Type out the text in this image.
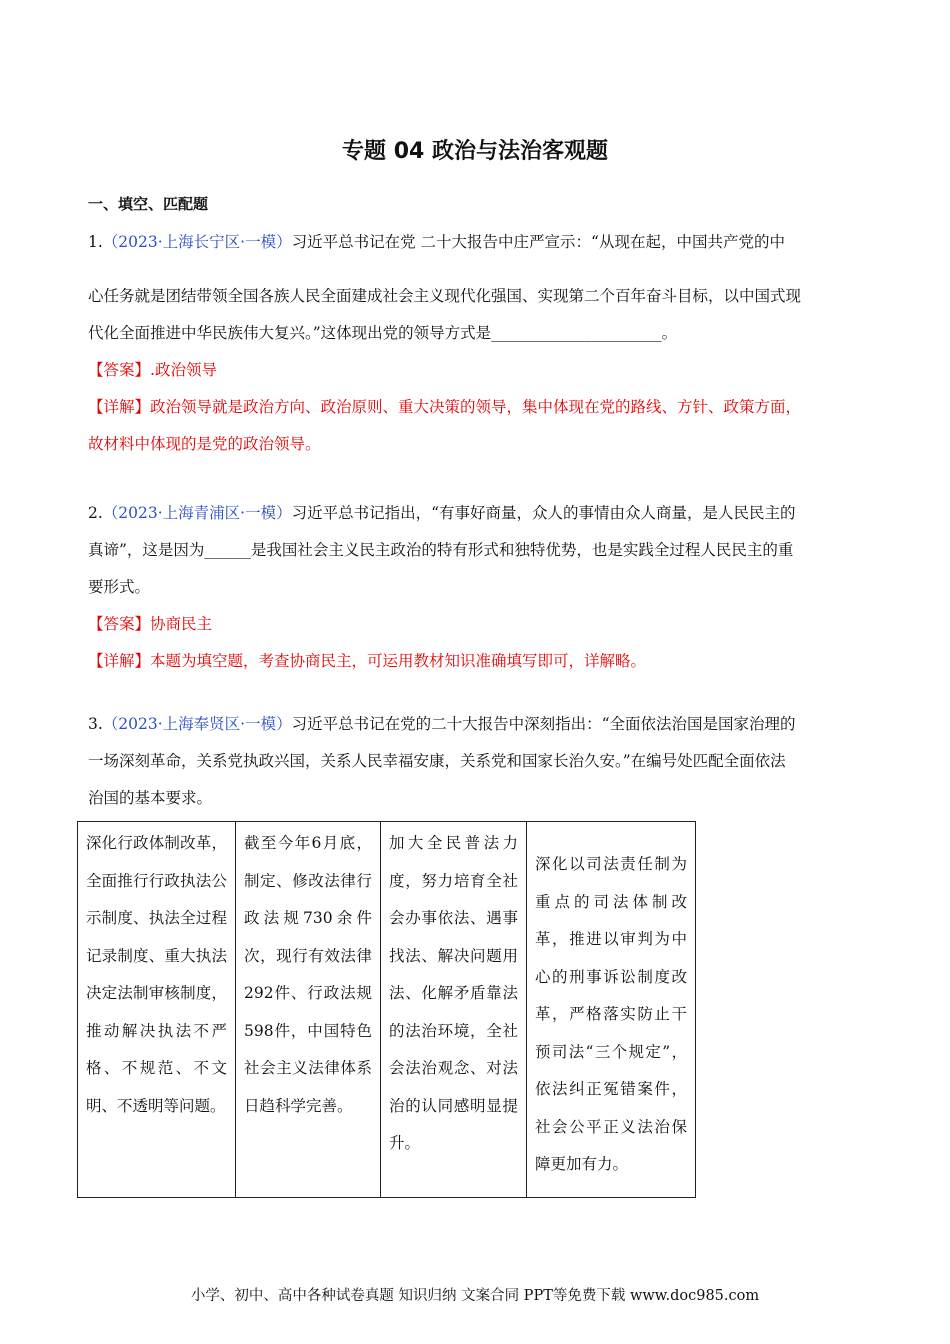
专题 04 政治与法治客观题
一、填空、匹配题
1.（2023·上海长宁区·一模）习近平总书记在党 二十大报告中庄严宣示：“从现在起，中国共产党的中
心任务就是团结带领全国各族人民全面建成社会主义现代化强国、实现第二个百年奋斗目标，以中国式现
代化全面推进中华民族伟大复兴。”这体现出党的领导方式是______________________。
【答案】.政治领导
【详解】政治领导就是政治方向、政治原则、重大决策的领导，集中体现在党的路线、方针、政策方面，
故材料中体现的是党的政治领导。
2.（2023·上海青浦区·一模）习近平总书记指出，“有事好商量，众人的事情由众人商量，是人民民主的
真谛”，这是因为______是我国社会主义民主政治的特有形式和独特优势，也是实践全过程人民民主的重
要形式。
【答案】协商民主
【详解】本题为填空题，考查协商民主，可运用教材知识准确填写即可，详解略。
3.（2023·上海奉贤区·一模）习近平总书记在党的二十大报告中深刻指出：“全面依法治国是国家治理的
一场深刻革命，关系党执政兴国，关系人民幸福安康，关系党和国家长治久安。”在编号处匹配全面依法
治国的基本要求。
深化行政体制改革，全面推行行政执法公示制度、执法全过程记录制度、重大执法决定法制审核制度，推动解决执法不严格、不规范、不文明、不透明等问题。	截至今年6月底，制定、修改法律行政法规730余件次，现行有效法律292件、行政法规598件，中国特色社会主义法律体系日趋科学完善。	加大全民普法力度，努力培育全社会办事依法、遇事找法、解决问题用法、化解矛盾靠法的法治环境，全社会法治观念、对法治的认同感明显提升。	深化以司法责任制为重点的司法体制改革，推进以审判为中心的刑事诉讼制度改革，严格落实防止干预司法“三个规定”，依法纠正冤错案件，社会公平正义法治保障更加有力。
小学、初中、高中各种试卷真题 知识归纳 文案合同 PPT等免费下载 www.doc985.com
